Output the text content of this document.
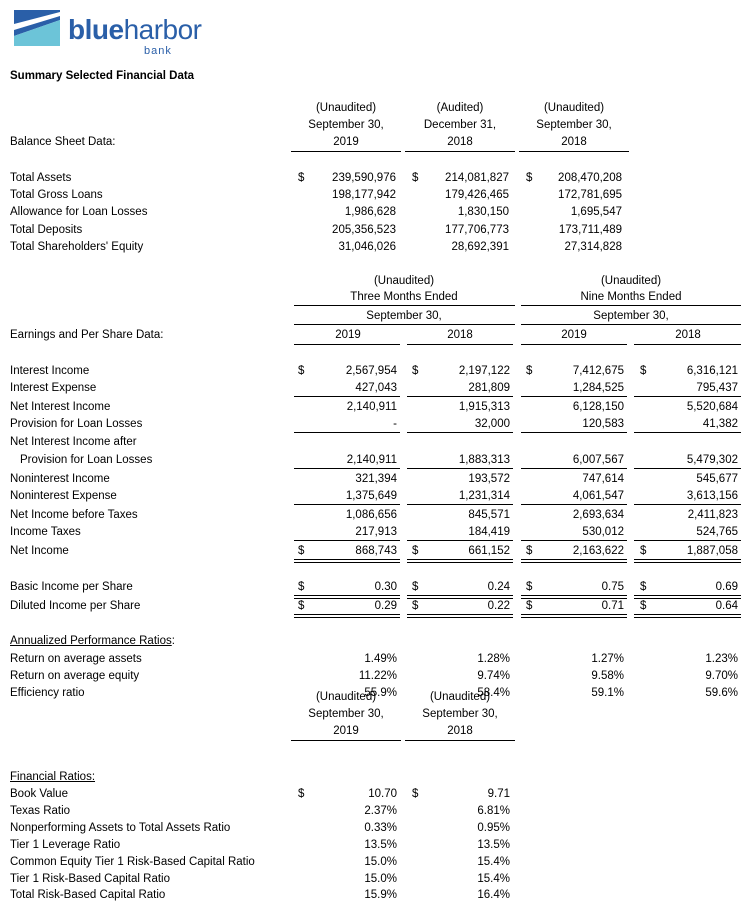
blueharbor
bank
Summary Selected Financial Data
(Unaudited)
September 30,
2019
(Audited)
December 31,
2018
(Unaudited)
September 30,
2018
Balance Sheet Data:
Total Assets	239,590,976	214,081,827	208,470,208
$	$	$
Total Gross Loans	198,177,942	179,426,465	172,781,695
Allowance for Loan Losses	1,986,628	1,830,150	1,695,547
Total Deposits	205,356,523	177,706,773	173,711,489
Total Shareholders' Equity	31,046,026	28,692,391	27,314,828
(Unaudited)
Three Months Ended
September 30,
(Unaudited)
Nine Months Ended
September 30,
2019	2018	2019	2018
Earnings and Per Share Data:
Interest Income	2,567,954	2,197,122	7,412,675	6,316,121
$	$	$	$
Interest Expense	427,043	281,809	1,284,525	795,437
Net Interest Income	2,140,911	1,915,313	6,128,150	5,520,684
Provision for Loan Losses	-	32,000	120,583	41,382
Net Interest Income after
Provision for Loan Losses	2,140,911	1,883,313	6,007,567	5,479,302
Noninterest Income	321,394	193,572	747,614	545,677
Noninterest Expense	1,375,649	1,231,314	4,061,547	3,613,156
Net Income before Taxes	1,086,656	845,571	2,693,634	2,411,823
Income Taxes	217,913	184,419	530,012	524,765
Net Income	868,743	661,152	2,163,622	1,887,058
$	$	$	$
Basic Income per Share	0.30	0.24	0.75	0.69
$	$	$	$
Diluted Income per Share	0.29	0.22	0.71	0.64
$	$	$	$
Annualized Performance Ratios:
Return on average assets	1.49%	1.28%	1.27%	1.23%
Return on average equity	11.22%	9.74%	9.58%	9.70%
Efficiency ratio	55.9%	58.4%	59.1%	59.6%
(Unaudited)
September 30,
2019
(Unaudited)
September 30,
2018
Financial Ratios:
Book Value	10.70	9.71
$	$
Texas Ratio	2.37%	6.81%
Nonperforming Assets to Total Assets Ratio	0.33%	0.95%
Tier 1 Leverage Ratio	13.5%	13.5%
Common Equity Tier 1 Risk-Based Capital Ratio	15.0%	15.4%
Tier 1 Risk-Based Capital Ratio	15.0%	15.4%
Total Risk-Based Capital Ratio	15.9%	16.4%
